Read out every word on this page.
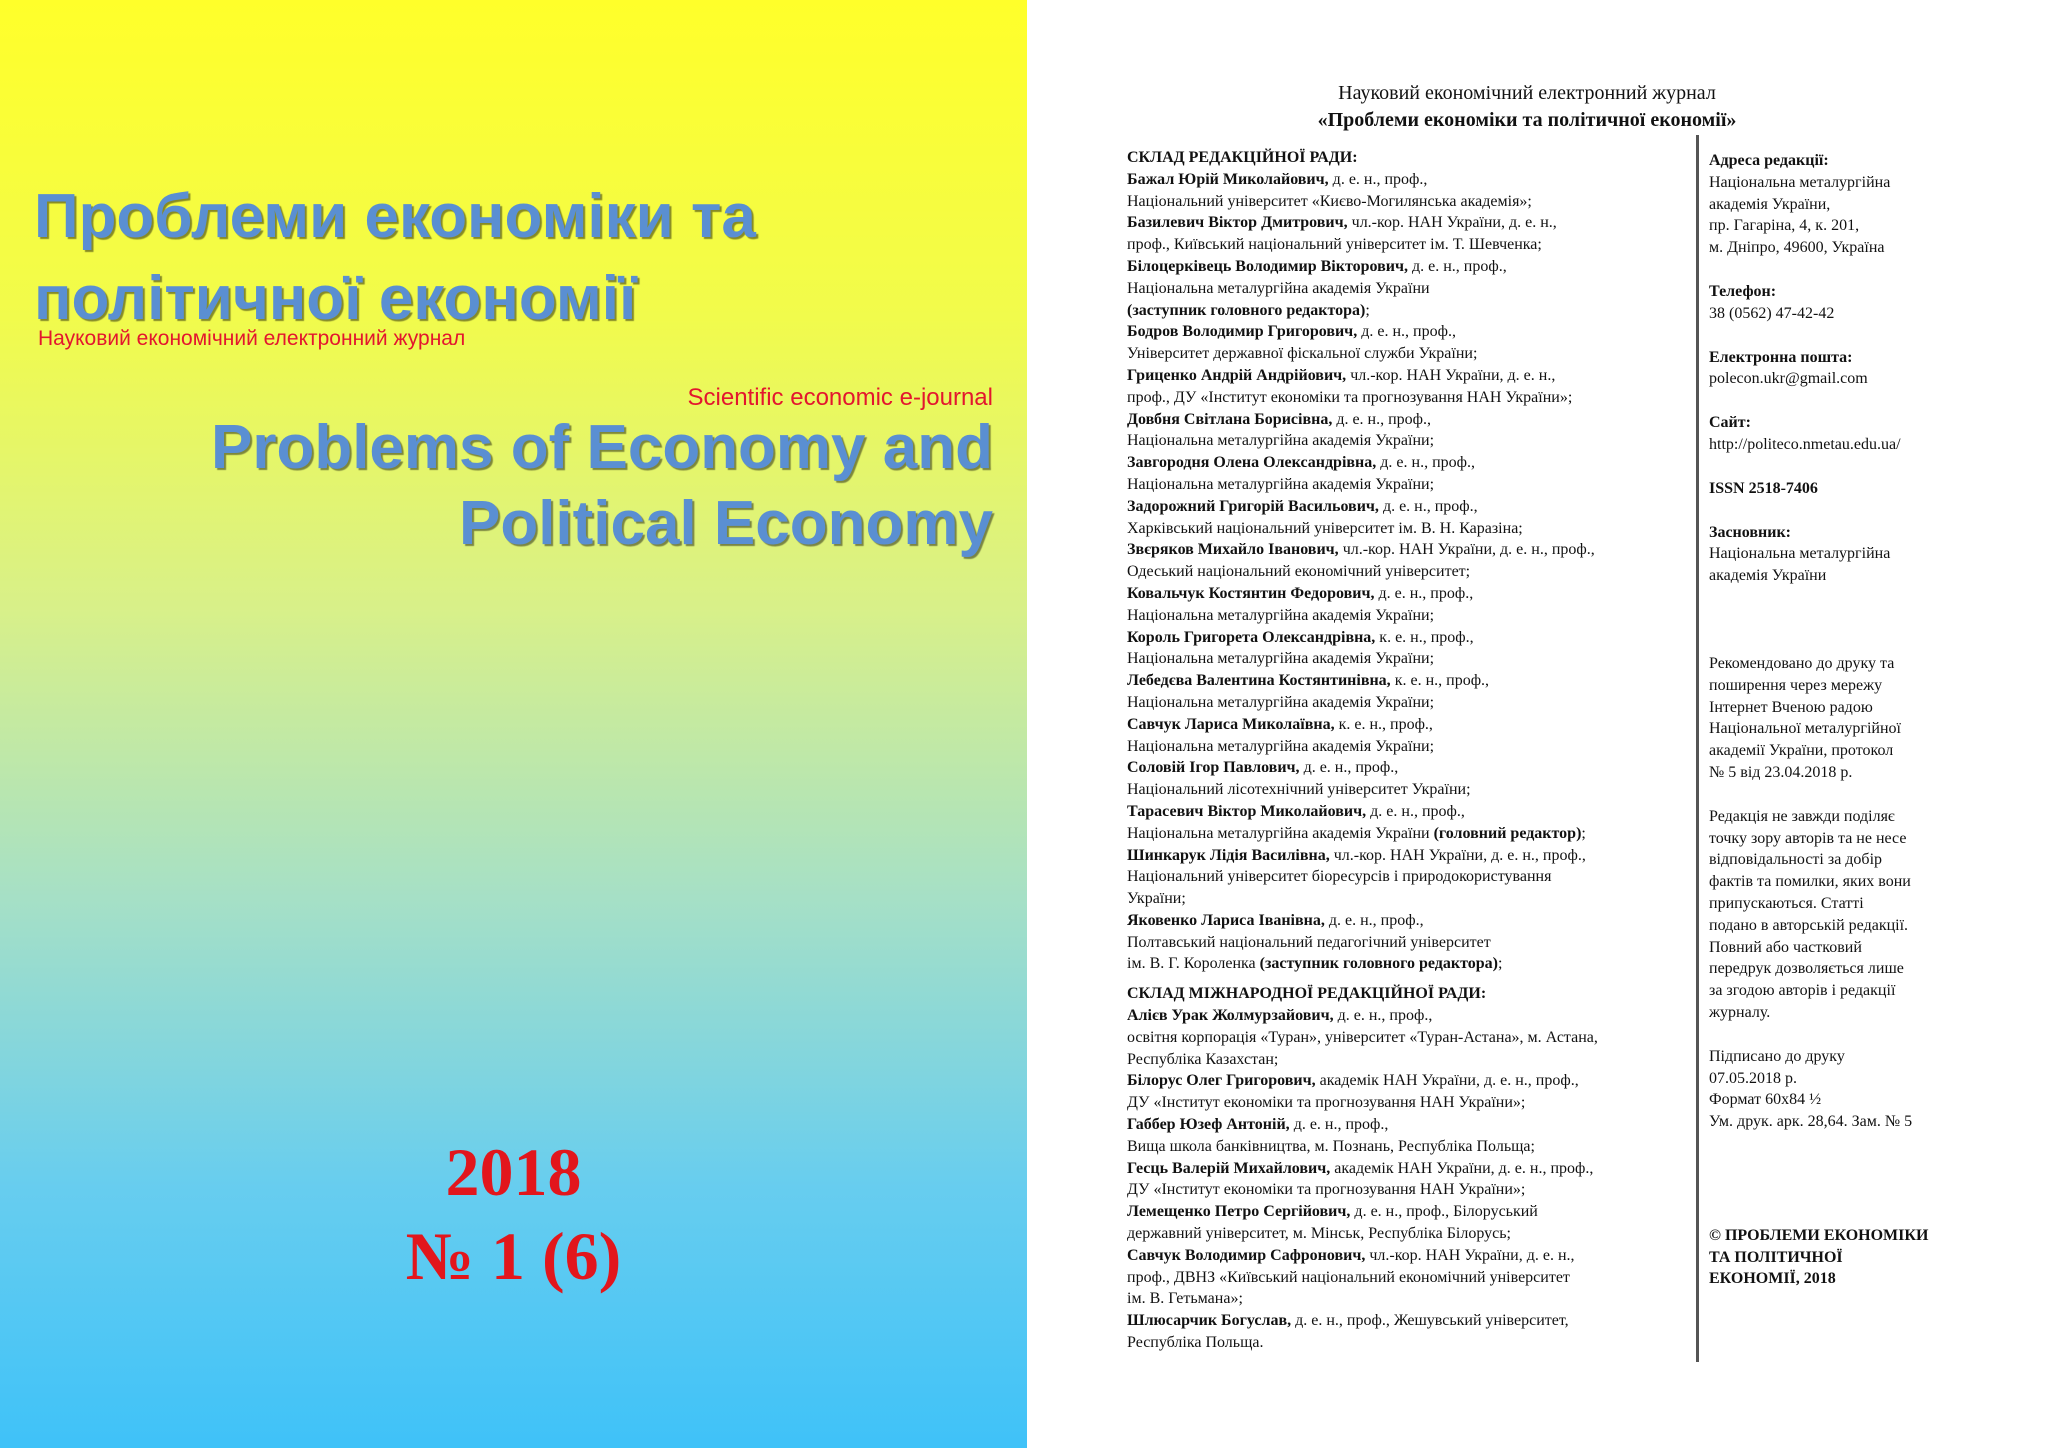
Проблеми економіки та
політичної економії
Науковий економічний електронний журнал
Scientific economic e-journal
Problems of Economy and
Political Economy
2018
№ 1 (6)
Науковий економічний електронний журнал
«Проблеми економіки та політичної економії»

СКЛАД РЕДАКЦІЙНОЇ РАДИ:

Бажал Юрій Миколайович, д. е. н., проф.,

Національний університет «Києво-Могилянська академія»;

Базилевич Віктор Дмитрович, чл.-кор. НАН України, д. е. н.,

проф., Київський національний університет ім. Т. Шевченка;

Білоцерківець Володимир Вікторович, д. е. н., проф.,

Національна металургійна академія України

(заступник головного редактора);

Бодров Володимир Григорович, д. е. н., проф.,

Університет державної фіскальної служби України;

Гриценко Андрій Андрійович, чл.-кор. НАН України, д. е. н.,

проф., ДУ «Інститут економіки та прогнозування НАН України»;

Довбня Світлана Борисівна, д. е. н., проф.,

Національна металургійна академія України;

Завгородня Олена Олександрівна, д. е. н., проф.,

Національна металургійна академія України;

Задорожний Григорій Васильович, д. е. н., проф.,

Харківський національний університет ім. В. Н. Каразіна;

Звєряков Михайло Іванович, чл.-кор. НАН України, д. е. н., проф.,

Одеський національний економічний університет;

Ковальчук Костянтин Федорович, д. е. н., проф.,

Національна металургійна академія України;

Король Григорета Олександрівна, к. е. н., проф.,

Національна металургійна академія України;

Лебедєва Валентина Костянтинівна, к. е. н., проф.,

Національна металургійна академія України;

Савчук Лариса Миколаївна, к. е. н., проф.,

Національна металургійна академія України;

Соловій Ігор Павлович, д. е. н., проф.,

Національний лісотехнічний університет України;

Тарасевич Віктор Миколайович, д. е. н., проф.,

Національна металургійна академія України (головний редактор);

Шинкарук Лідія Василівна, чл.-кор. НАН України, д. е. н., проф.,

Національний університет біоресурсів і природокористування

України;

Яковенко Лариса Іванівна, д. е. н., проф.,

Полтавський національний педагогічний університет

ім. В. Г. Короленка (заступник головного редактора);

СКЛАД МІЖНАРОДНОЇ РЕДАКЦІЙНОЇ РАДИ:

Алієв Урак Жолмурзайович, д. е. н., проф.,

освітня корпорація «Туран», університет «Туран-Астана», м. Астана,

Республіка Казахстан;

Білорус Олег Григорович, академік НАН України, д. е. н., проф.,

ДУ «Інститут економіки та прогнозування НАН України»;

Габбер Юзеф Антоній, д. е. н., проф.,

Вища школа банківництва, м. Познань, Республіка Польща;

Гесць Валерій Михайлович, академік НАН України, д. е. н., проф.,

ДУ «Інститут економіки та прогнозування НАН України»;

Лемещенко Петро Сергійович, д. е. н., проф., Білоруський

державний університет, м. Мінськ, Республіка Білорусь;

Савчук Володимир Сафронович, чл.-кор. НАН України, д. е. н.,

проф., ДВНЗ «Київський національний економічний університет

ім. В. Гетьмана»;

Шлюсарчик Богуслав, д. е. н., проф., Жешувський університет,

Республіка Польща.

Адреса редакції:

Національна металургійна

академія України,

пр. Гагаріна, 4, к. 201,

м. Дніпро, 49600, Україна

Телефон:

38 (0562) 47-42-42

Електронна пошта:

polecon.ukr@gmail.com

Сайт:

http://politeco.nmetau.edu.ua/

ISSN 2518-7406

Засновник:

Національна металургійна

академія України

Рекомендовано до друку та

поширення через мережу

Інтернет Вченою радою

Національної металургійної

академії України, протокол

№ 5 від 23.04.2018 р.

Редакція не завжди поділяє

точку зору авторів та не несе

відповідальності за добір

фактів та помилки, яких вони

припускаються. Статті

подано в авторській редакції.

Повний або частковий

передрук дозволяється лише

за згодою авторів і редакції

журналу.

Підписано до друку

07.05.2018 р.

Формат 60х84 ½

Ум. друк. арк. 28,64. Зам. № 5

© ПРОБЛЕМИ ЕКОНОМІКИ

ТА ПОЛІТИЧНОЇ

ЕКОНОМІЇ, 2018
